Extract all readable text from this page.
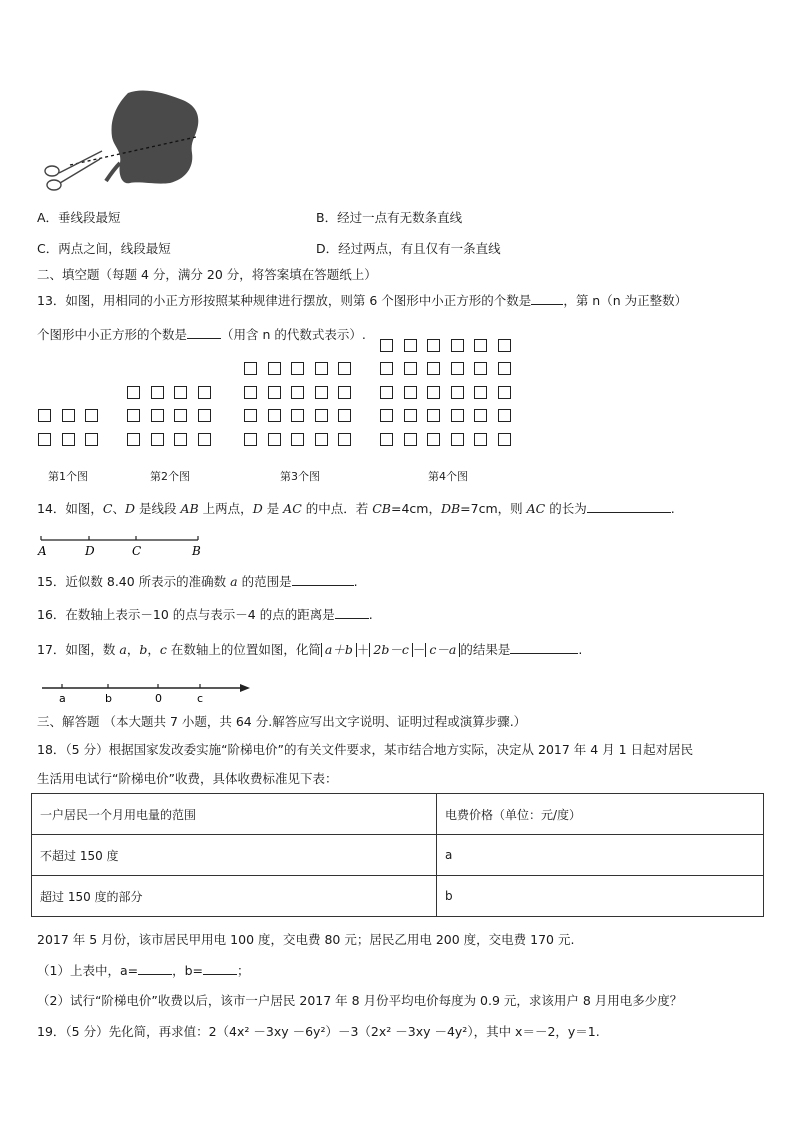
A．垂线段最短	B．经过一点有无数条直线
C．两点之间，线段最短	D．经过两点，有且仅有一条直线
二、填空题（每题 4 分，满分 20 分，将答案填在答题纸上）
13．如图，用相同的小正方形按照某种规律进行摆放，则第 6 个图形中小正方形的个数是	，第 n（n 为正整数）
个图形中小正方形的个数是	（用含 n 的代数式表示）.
第1个图	第2个图	第3个图	第4个图
14．如图，C、D 是线段 AB 上两点，D 是 AC 的中点．若 CB=4cm，DB=7cm，则 AC 的长为	.
A	D	C	B
15．近似数 8.40 所表示的准确数 a 的范围是	.
16．在数轴上表示－10 的点与表示－4 的点的距离是	.
17．如图，数 a，b，c 在数轴上的位置如图，化简 a＋b ＋ 2b－c － c－a 的结果是	.
a	b	0	c
三、解答题 （本大题共 7 小题，共 64 分.解答应写出文字说明、证明过程或演算步骤.）
18．（5 分）根据国家发改委实施“阶梯电价”的有关文件要求，某市结合地方实际，决定从 2017 年 4 月 1 日起对居民
生活用电试行“阶梯电价”收费，具体收费标准见下表：
一户居民一个月用电量的范围	电费价格（单位：元/度）
不超过 150 度	a
超过 150 度的部分	b
2017 年 5 月份，该市居民甲用电 100 度，交电费 80 元；居民乙用电 200 度，交电费 170 元.
（1）上表中，a=	，b=	；
（2）试行“阶梯电价”收费以后，该市一户居民 2017 年 8 月份平均电价每度为 0.9 元，求该用户 8 月用电多少度？
19．（5 分）先化简，再求值：2（4x² －3xy －6y²）－3（2x² －3xy －4y²），其中 x＝－2，y＝1.
